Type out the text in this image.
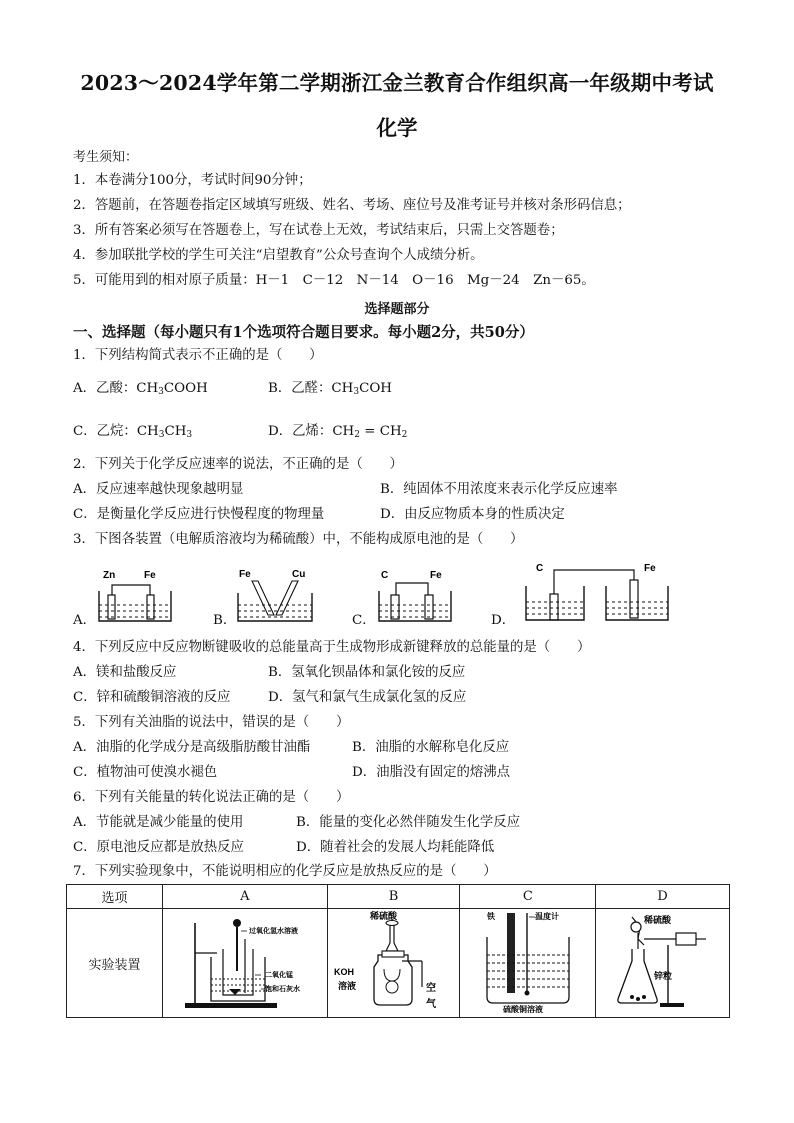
2023～2024学年第二学期浙江金兰教育合作组织高一年级期中考试
化学
考生须知：
1．本卷满分100分，考试时间90分钟；
2．答题前，在答题卷指定区域填写班级、姓名、考场、座位号及准考证号并核对条形码信息；
3．所有答案必须写在答题卷上，写在试卷上无效，考试结束后，只需上交答题卷；
4．参加联批学校的学生可关注“启望教育”公众号查询个人成绩分析。
5．可能用到的相对原子质量：H－1　C－12　N－14　O－16　Mg－24　Zn－65。
选择题部分
一、选择题（每小题只有1个选项符合题目要求。每小题2分，共50分）
1．下列结构简式表示不正确的是（　　）
A．乙酸：$CH_3COOH$	B．乙醛：$CH_3COH$
C．乙烷：$CH_3CH_3$	D．乙烯：$CH_2 = CH_2$
2．下列关于化学反应速率的说法，不正确的是（　　）
A．反应速率越快现象越明显	B．纯固体不用浓度来表示化学反应速率
C．是衡量化学反应进行快慢程度的物理量	D．由反应物质本身的性质决定
3．下图各装置（电解质溶液均为稀硫酸）中，不能构成原电池的是（　　）
A．
Zn	Fe
B．
Fe	Cu
C．
C	Fe
D．
C	Fe
4．下列反应中反应物断键吸收的总能量高于生成物形成新键释放的总能量的是（　　）
A．镁和盐酸反应	B．氢氧化钡晶体和氯化铵的反应
C．锌和硫酸铜溶液的反应	D．氢气和氯气生成氯化氢的反应
5．下列有关油脂的说法中，错误的是（　　）
A．油脂的化学成分是高级脂肪酸甘油酯	B．油脂的水解称皂化反应
C．植物油可使溴水褪色	D．油脂没有固定的熔沸点
6．下列有关能量的转化说法正确的是（　　）
A．节能就是减少能量的使用	B．能量的变化必然伴随发生化学反应
C．原电池反应都是放热反应	D．随着社会的发展人均耗能降低
7．下列实验现象中，不能说明相应的化学反应是放热反应的是（　　）
选项	A	B	C	D
实验装置	过氧化氢水溶液
二氧化锰
饱和石灰水	稀硫酸
KOH
溶液 空
气	铁 温度计
硫酸铜溶液	稀硫酸
锌粒
